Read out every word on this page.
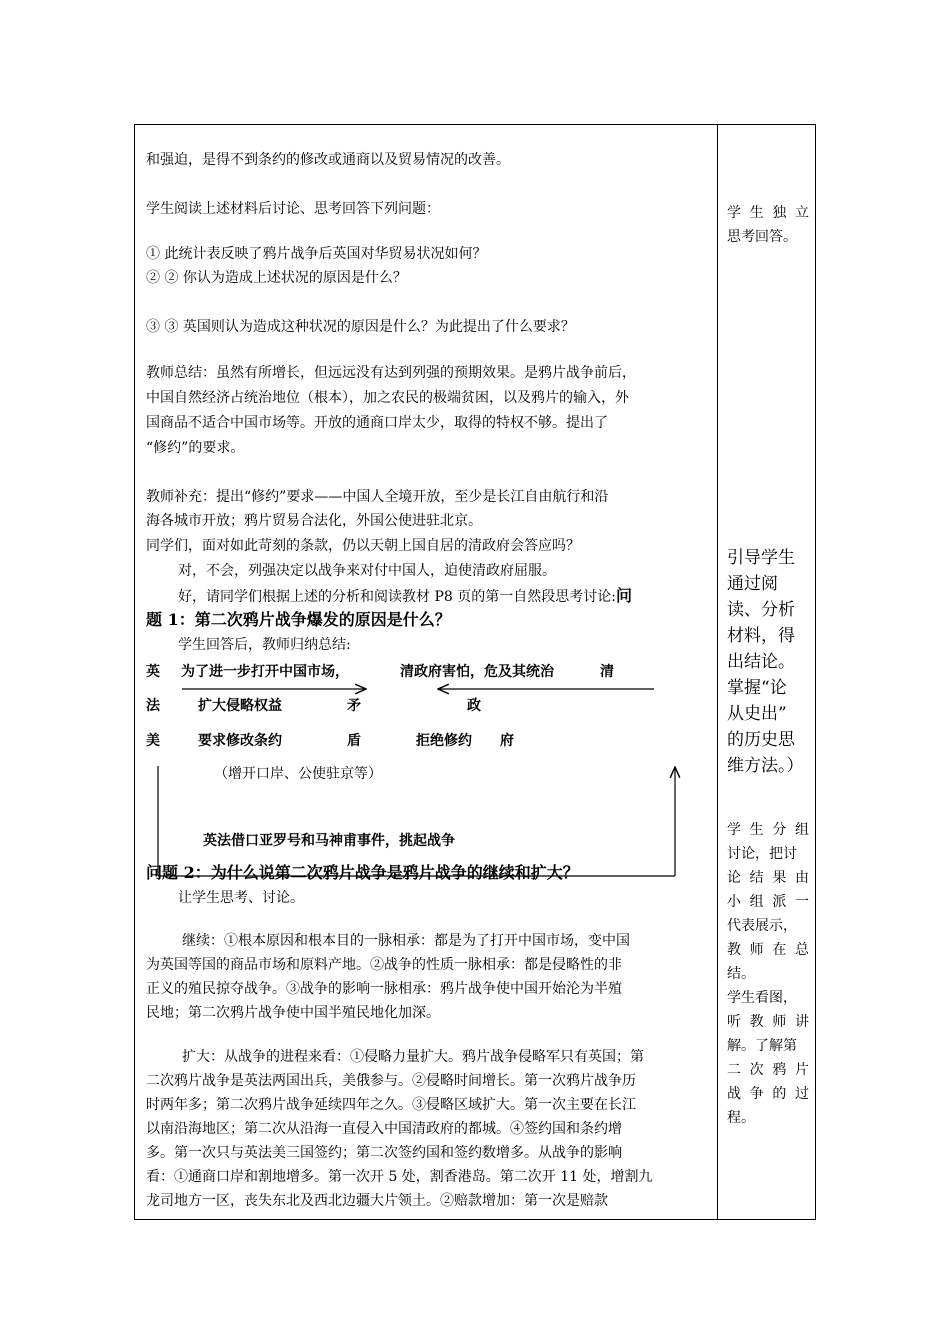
和强迫，是得不到条约的修改或通商以及贸易情况的改善。
学生阅读上述材料后讨论、思考回答下列问题：
① 此统计表反映了鸦片战争后英国对华贸易状况如何？
② ② 你认为造成上述状况的原因是什么？
③ ③ 英国则认为造成这种状况的原因是什么？为此提出了什么要求？
教师总结：虽然有所增长，但远远没有达到列强的预期效果。是鸦片战争前后，
中国自然经济占统治地位（根本），加之农民的极端贫困，以及鸦片的输入，外
国商品不适合中国市场等。开放的通商口岸太少，取得的特权不够。提出了
“修约”的要求。
教师补充：提出“修约”要求——中国人全境开放，至少是长江自由航行和沿
海各城市开放；鸦片贸易合法化，外国公使进驻北京。
同学们，面对如此苛刻的条款，仍以天朝上国自居的清政府会答应吗？
对，不会，列强决定以战争来对付中国人，迫使清政府屈服。
好，请同学们根据上述的分析和阅读教材 P8 页的第一自然段思考讨论:问
题 1：第二次鸦片战争爆发的原因是什么？
学生回答后，教师归纳总结:
英
法
美
为了进一步打开中国市场，
扩大侵略权益
要求修改条约
矛
盾
清政府害怕，危及其统治
政
拒绝修约
清
府
（增开口岸、公使驻京等）
英法借口亚罗号和马神甫事件，挑起战争
问题 2：为什么说第二次鸦片战争是鸦片战争的继续和扩大？
让学生思考、讨论。
继续：①根本原因和根本目的一脉相承：都是为了打开中国市场，变中国
为英国等国的商品市场和原料产地。②战争的性质一脉相承：都是侵略性的非
正义的殖民掠夺战争。③战争的影响一脉相承：鸦片战争使中国开始沦为半殖
民地；第二次鸦片战争使中国半殖民地化加深。
扩大：从战争的进程来看：①侵略力量扩大。鸦片战争侵略军只有英国；第
二次鸦片战争是英法两国出兵，美俄参与。②侵略时间增长。第一次鸦片战争历
时两年多；第二次鸦片战争延续四年之久。③侵略区域扩大。第一次主要在长江
以南沿海地区；第二次从沿海一直侵入中国清政府的都城。④签约国和条约增
多。第一次只与英法美三国签约；第二次签约国和签约数增多。从战争的影响
看：①通商口岸和割地增多。第一次开 5 处，割香港岛。第二次开 11 处，增割九
龙司地方一区，丧失东北及西北边疆大片领土。②赔款增加：第一次是赔款
学 生 独 立
思考回答。
引导学生
通过阅
读、分析
材料，得
出结论。
掌握“论
从史出”
的历史思
维方法。）
学 生 分 组
讨论，把讨
论 结 果 由
小 组 派 一
代表展示，
教 师 在 总
结。
学生看图，
听 教 师 讲
解。了解第
二 次 鸦 片
战 争 的 过
程。
